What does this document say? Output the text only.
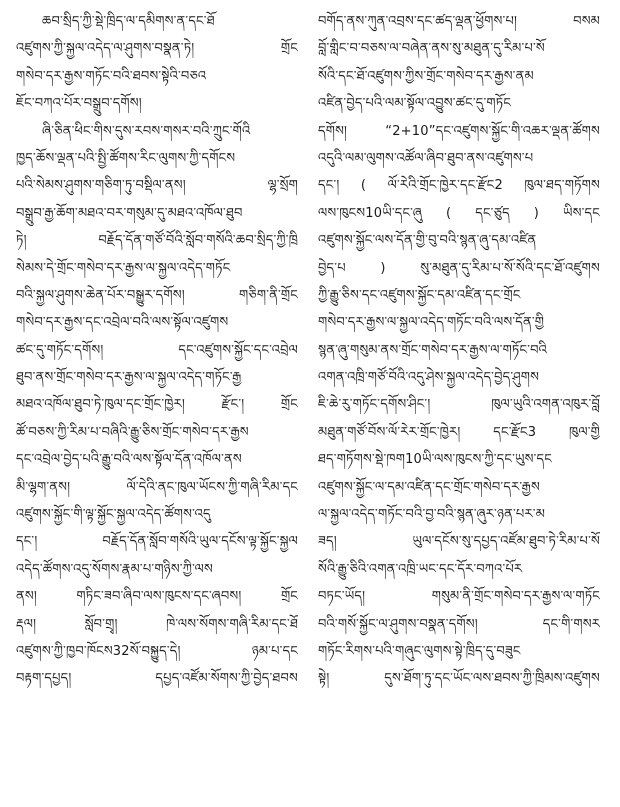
ཆབ་སྲིད་ཀྱི་སྡེ་ཁྲིད་ལ་དམིགས་ན་དང་ཐོ
འཛུགས་ཀྱི་སྐྱལ་འདེད་ལ་ཤུགས་བསྣན་ཏེ། གྲོང
གསེབ་དར་རྒྱས་གཏོང་བའི་ཐབས་སྟེའི་བཅའ
ཇོང་བཀའ་པོར་བསྒྲུབ་དགོས།
ཞི་ཅིན་ཕིང་གིས་དུས་རབས་གསར་བའི་ཀྲུང་གོའི
ཁྱད་ཆོས་ལྡན་པའི་སྤྱི་ཚོགས་རིང་ལུགས་ཀྱི་དགོངས
པའི་སེམས་ཤུགས་གཅིག་ཏུ་བསྡིལ་ནས། ལྷ་སྲོག
བསྒྲུབ་རྒྱ་ཆོག་མཐའ་བར་གསུམ་དུ་མཐའ་འཁོལ་ཐུབ
ཏེ། བརྗོད་དོན་གཙོ་བོའི་སློབ་གསོའི་ཆབ་སྲིད་ཀྱི་ཁྲི
སེམས་དེ་གྲོང་གསེབ་དར་རྒྱས་ལ་སྐྱལ་འདེད་གཏོང
བའི་སྐྱལ་ཤུགས་ཆེན་པོར་བསྒྱུར་དགོས། གཅིག་ནི་གྲོང
གསེབ་དར་རྒྱས་དང་འབྲེལ་བའི་ལས་སྟོལ་འཛུགས
ཚང་དུ་གཏོང་དགོས། དང་འཛུགས་སྐྱོང་དང་འབྲེལ
ཐུབ་ནས་གྲོང་གསེབ་དར་རྒྱས་ལ་སྐྱལ་འདེད་གཏོང་རྒྱ
མཐའ་འཁོལ་ཐུབ་ཏེ་ཁུལ་དང་གྲོང་ཁྱེར། རྫོང་། གྲོང
ཚོ་བཅས་ཀྱི་རིམ་པ་བཞིའི་རྒྱུ་ཅིས་གྲོང་གསེབ་དར་རྒྱས
དང་འབྲེལ་བྱེད་པའི་རྒྱུ་བའི་ལས་སྟོལ་དོན་འཁོལ་ནས
མི་ལྷག་ནས། ལོ་དེའི་ནང་ཁུལ་ཡོངས་ཀྱི་གཞི་རིམ་དང
འཛུགས་སྐྱོང་གི་ལྟ་སྐྱོང་སྐྱལ་འདེད་ཚོགས་འདུ
དང་། བརྗོད་དོན་སློབ་གསོའི་ཡུལ་དངོས་ལྟ་སྐྱོང་སྐྱལ
འདེད་ཚོགས་འདུ་སོགས་རྣམ་པ་གཉིས་ཀྱི་ལས
ནས། གཏིང་ཟབ་ཞིབ་ལས་ཁུངས་དང་ཞབས། གྲོང
རྡལ། སློབ་གྲྭ། ཁེ་ལས་སོགས་གཞི་རིམ་དང་ཐོ
འཛུགས་ཀྱི་ཁྱབ་ཁོངས32སོ་བསྐྱུད་དེ། ཉམ་པ་དང
བརྟག་དཔྱད། དཔྱད་འཛོམ་སོགས་ཀྱི་བྱེད་ཐབས
བགོད་ནས་ཀུན་འབྲས་དང་ཚད་ལྡན་ཕྱོགས་པ། བསམ
བློ་གླིང་བ་བཅས་ལ་བཞེན་ནས་སུ་མཐུན་དུ་རིམ་པ་སོ
སོའི་དང་ཐོ་འཛུགས་ཀྱིས་གྲོང་གསེབ་དར་རྒྱས་ནམ
འཛིན་བྱེད་པའི་ལམ་སྟོལ་འབྱུས་ཚང་དུ་གཏོང
དགོས། “2+10”དང་འཛུགས་སྐྱོང་གི་འཆར་ལྡན་ཚོགས
འདུའི་ལམ་ལུགས་འཚོལ་ཞིབ་ཐུབ་ནས་འཛུགས་པ
དང་། ( ལོ་རེའི་གྲོང་ཁྱེར་དང་རྫོང2 ཁུལ་ཐད་གཏོགས
ལས་ཁུངས10ཡི་དང་ཞུ ( དང་ཙུད ) ཡིས་དང
འཛུགས་སྐྱོང་ལས་དོན་གྱི་བུ་བའི་སྙན་ཞུ་དམ་འཛིན
བྱེད་པ ) སུ་མཐུན་དུ་རིམ་པ་སོ་སོའི་དང་ཐོ་འཛུགས
ཀྱི་རྒྱུ་ཅིས་དང་འཛུགས་སྐྱོང་དམ་འཛིན་དང་གྲོང
གསེབ་དར་རྒྱས་ལ་སྐྱལ་འདེད་གཏོང་བའི་ལས་དོན་གྱི
སྙན་ཞུ་གསུམ་ནས་གྲོང་གསེབ་དར་རྒྱས་ལ་གཏོང་བའི
འགན་འཁྲི་གཙོ་བོའི་འདུ་ཤེས་སྐྱལ་འདེད་བྱེད་ཤུགས
ཇི་ཆེ་རུ་གཏོང་དགོས་ཤིང་། ཁུལ་ཡུའི་འགན་འཁུར་བློ
མཐུན་གཙོ་བོས་ལོ་རེར་གྲོང་ཁྱེར། དང་རྫོང3 ཁུལ་གྱི
ཐད་གཏོགས་སྡེ་ཁག10ཡི་ལས་ཁུངས་ཀྱི་དང་ཡུས་དང
འཛུགས་སྐྱོང་ལ་དམ་འཛིན་དང་གྲོང་གསེབ་དར་རྒྱས
ལ་སྐྱལ་འདེད་གཏོང་བའི་བྱ་བའི་སྙན་ཞུར་ཉན་པར་མ
ཟད། ཡུལ་དངོས་སུ་དཔྱད་འཛོམ་ཐུབ་ཏེ་རིམ་པ་སོ
སོའི་རྒྱུ་ཅིའི་འགན་འཁྲི་ཡང་དང་དོར་བཀའ་པོར
བཏང་ཡོད། གསུམ་ནི་གྲོང་གསེབ་དར་རྒྱས་ལ་གཏོང
བའི་གསོ་སྐྱོང་ལ་ཤུགས་བསྣན་དགོས། དང་གི་གསར
གཏོང་རིགས་པའི་གཞུང་ལུགས་སྟེ་ཁྲིད་དུ་བཟུང
སྟེ། དུས་ཐོག་ཏུ་དང་ཡོང་ལས་ཐབས་ཀྱི་ཁྲིམས་འཛུགས
